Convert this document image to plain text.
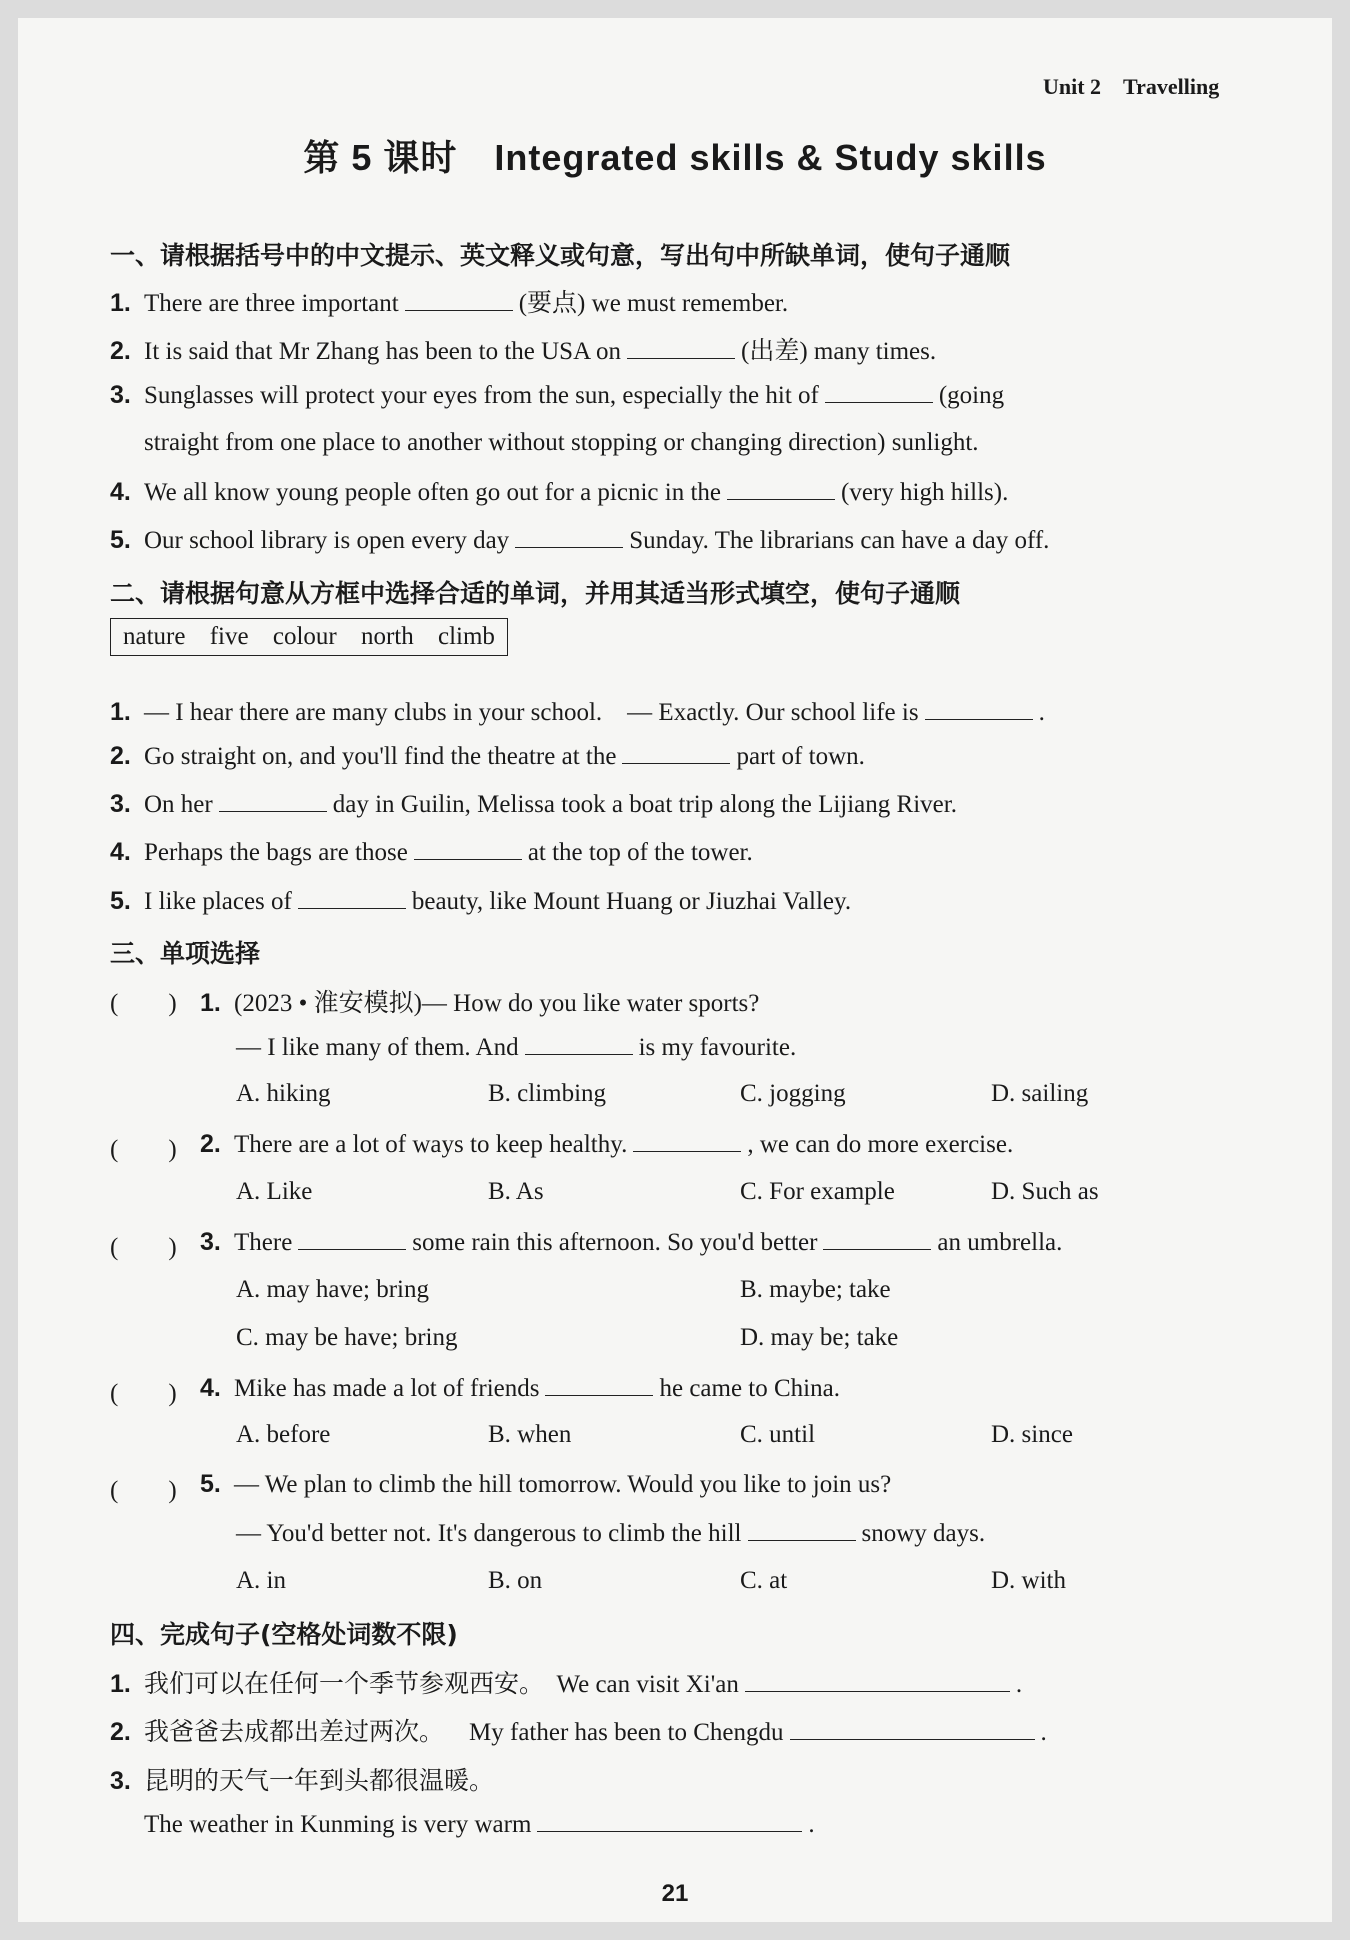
Unit 2　Travelling
第 5 课时　Integrated skills & Study skills
一、请根据括号中的中文提示、英文释义或句意，写出句中所缺单词，使句子通顺
1. There are three important	(要点) we must remember.
2. It is said that Mr Zhang has been to the USA on	(出差) many times.
3. Sunglasses will protect your eyes from the sun, especially the hit of	(going
straight from one place to another without stopping or changing direction) sunlight.
4. We all know young people often go out for a picnic in the	(very high hills).
5. Our school library is open every day	Sunday. The librarians can have a day off.
二、请根据句意从方框中选择合适的单词，并用其适当形式填空，使句子通顺
nature five colour north climb
1. — I hear there are many clubs in your school.　— Exactly. Our school life is	.
2. Go straight on, and you'll find the theatre at the	part of town.
3. On her	day in Guilin, Melissa took a boat trip along the Lijiang River.
4. Perhaps the bags are those	at the top of the tower.
5. I like places of	beauty, like Mount Huang or Jiuzhai Valley.
三、单项选择
(　　) 1. (2023 • 淮安模拟)— How do you like water sports?
— I like many of them. And	is my favourite.
A. hiking	B. climbing	C. jogging	D. sailing
(　　) 2. There are a lot of ways to keep healthy.	, we can do more exercise.
A. Like	B. As	C. For example	D. Such as
(　　) 3. There	some rain this afternoon. So you'd better	an umbrella.
A. may have; bring	B. maybe; take
C. may be have; bring	D. may be; take
(　　) 4. Mike has made a lot of friends	he came to China.
A. before	B. when	C. until	D. since
(　　) 5. — We plan to climb the hill tomorrow. Would you like to join us?
— You'd better not. It's dangerous to climb the hill	snowy days.
A. in	B. on	C. at	D. with
四、完成句子(空格处词数不限)
1. 我们可以在任何一个季节参观西安。 We can visit Xi'an	.
2. 我爸爸去成都出差过两次。 My father has been to Chengdu	.
3. 昆明的天气一年到头都很温暖。
The weather in Kunming is very warm	.
21
